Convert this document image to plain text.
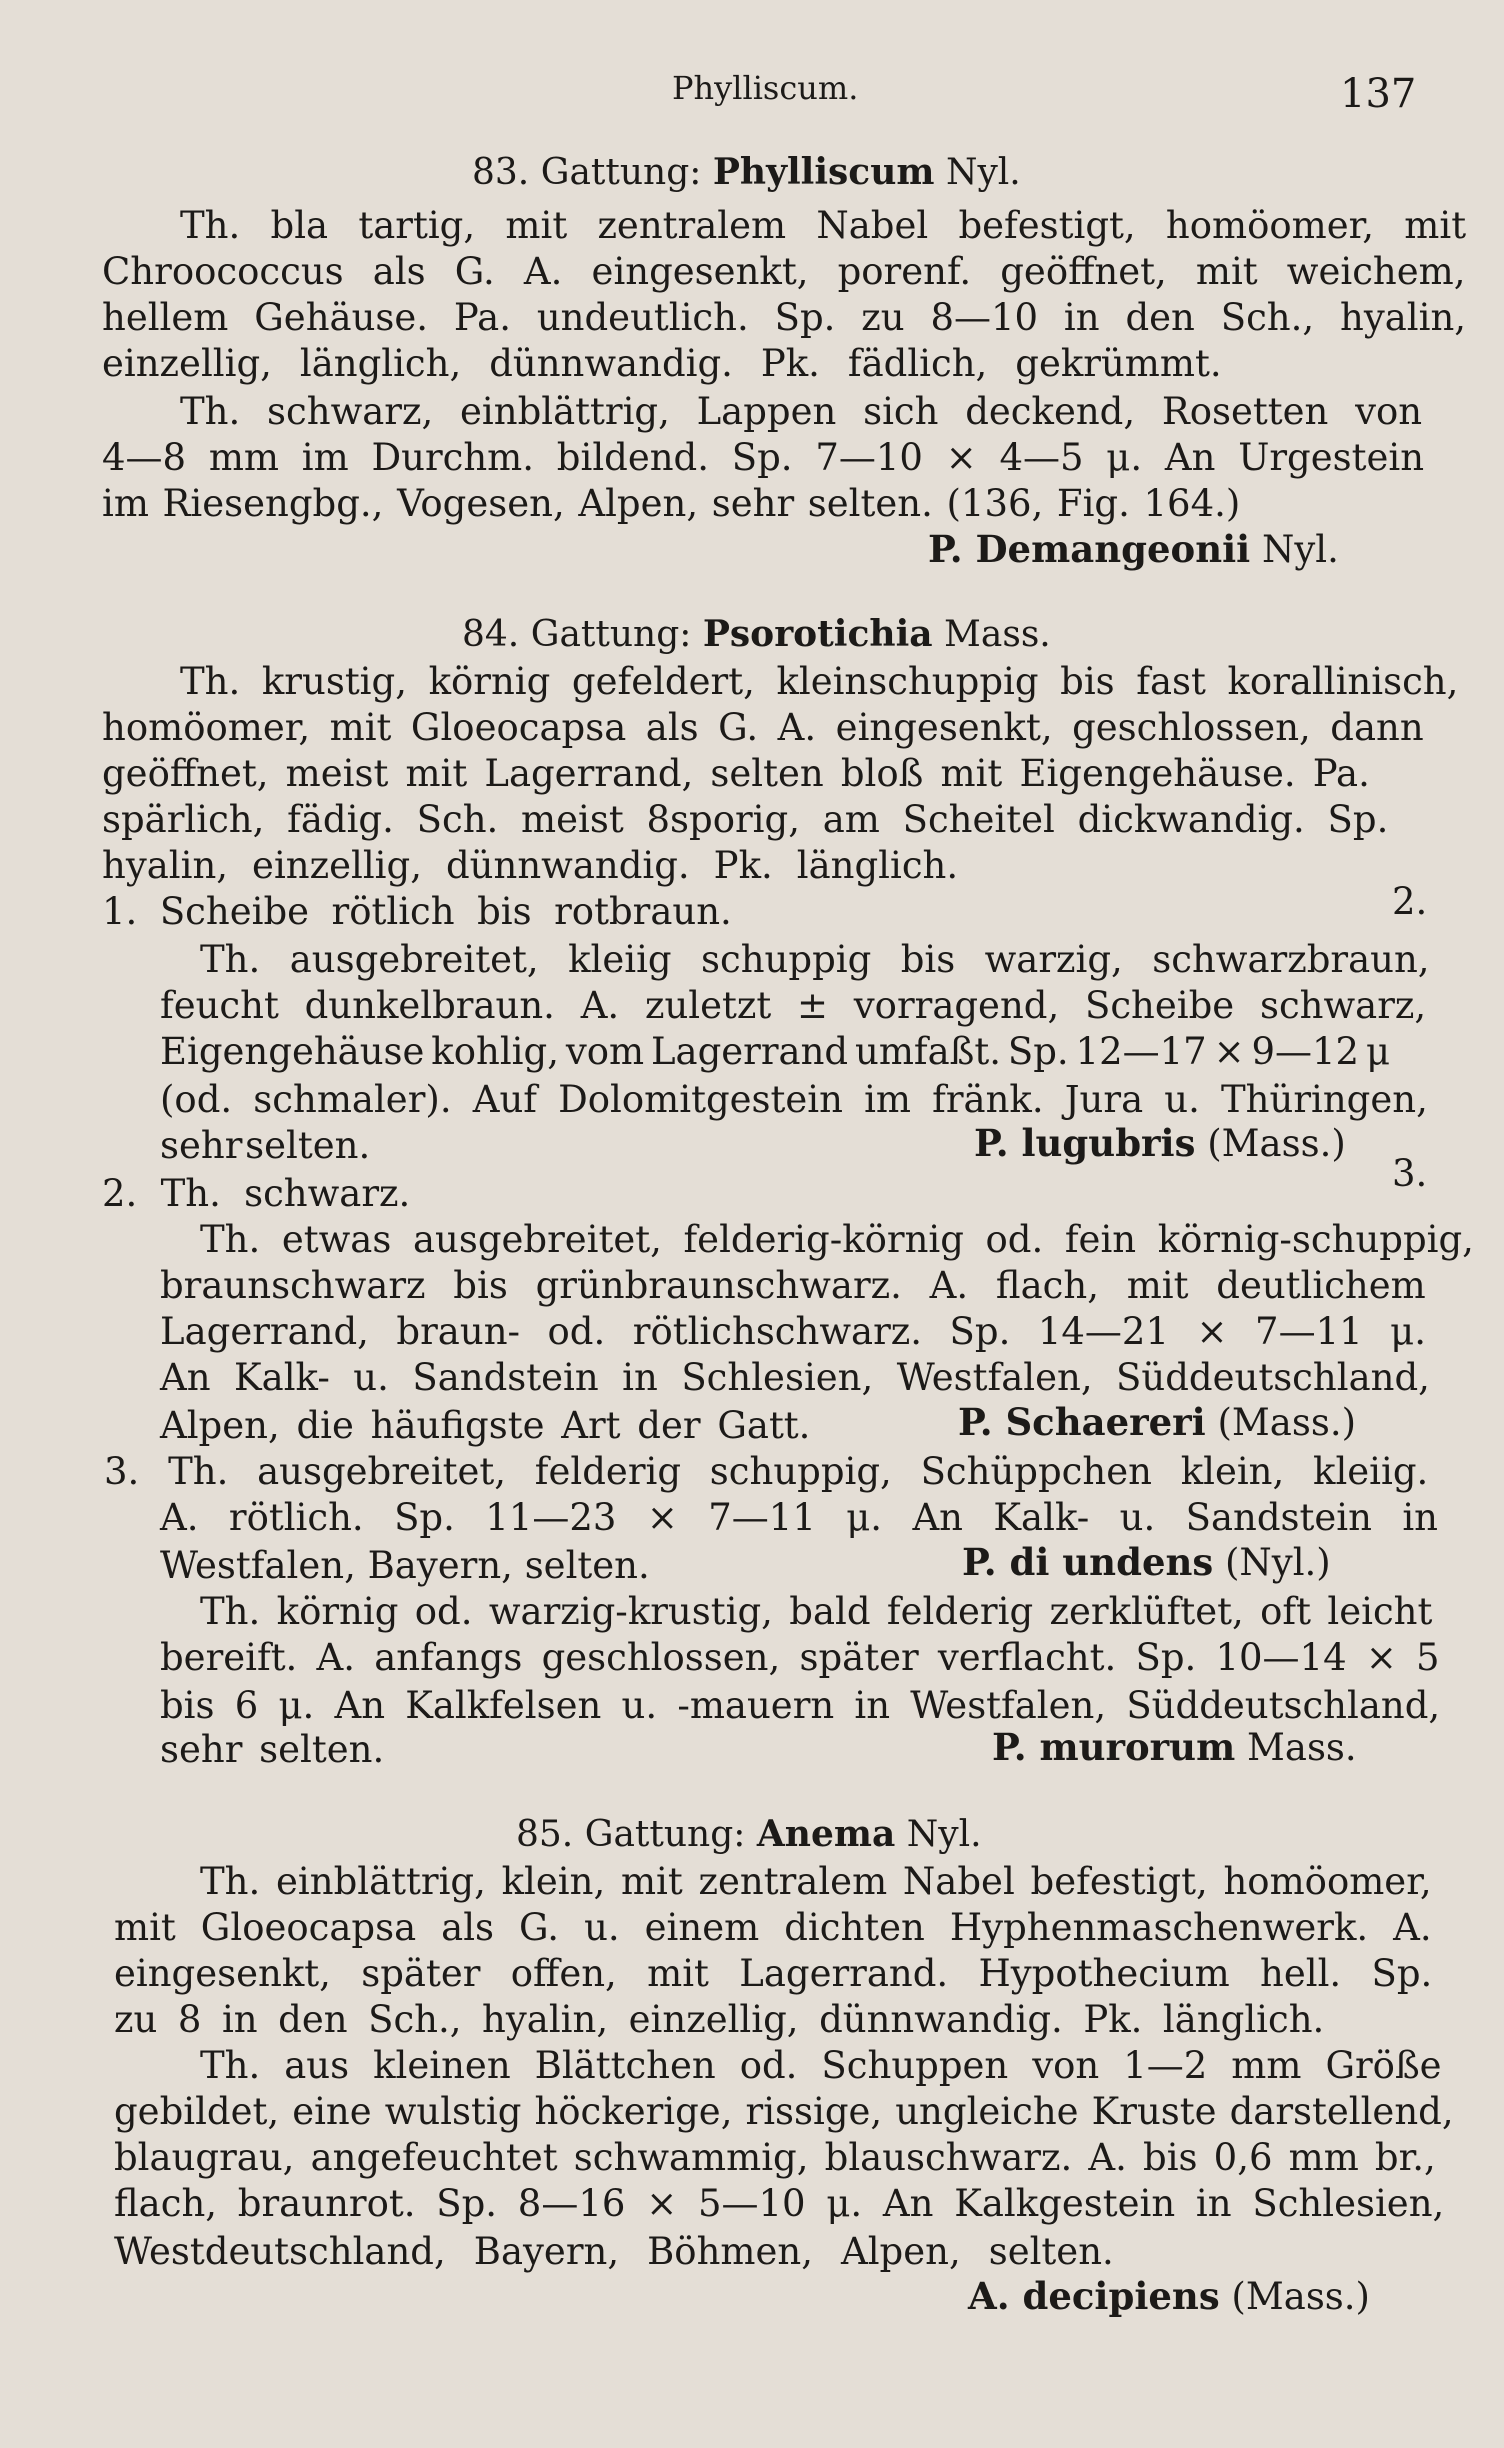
Phylliscum.	137
83. Gattung: Phylliscum Nyl.
Th. bla tartig, mit zentralem Nabel befestigt, homöomer, mit
Chroococcus als G. A. eingesenkt, porenf. geöffnet, mit weichem,
hellem Gehäuse. Pa. undeutlich. Sp. zu 8—10 in den Sch., hyalin,
einzellig, länglich, dünnwandig. Pk. fädlich, gekrümmt.
Th. schwarz, einblättrig, Lappen sich deckend, Rosetten von
4—8 mm im Durchm. bildend. Sp. 7—10 × 4—5 μ. An Urgestein
im Riesengbg., Vogesen, Alpen, sehr selten. (136, Fig. 164.)
P. Demangeonii Nyl.
84. Gattung: Psorotichia Mass.
Th. krustig, körnig gefeldert, kleinschuppig bis fast korallinisch,
homöomer, mit Gloeocapsa als G. A. eingesenkt, geschlossen, dann
geöffnet, meist mit Lagerrand, selten bloß mit Eigengehäuse. Pa.
spärlich, fädig. Sch. meist 8sporig, am Scheitel dickwandig. Sp.
hyalin, einzellig, dünnwandig. Pk. länglich.
1. Scheibe rötlich bis rotbraun.
Th. ausgebreitet, kleiig schuppig bis warzig, schwarzbraun,
feucht dunkelbraun. A. zuletzt ± vorragend, Scheibe schwarz,
Eigengehäuse kohlig, vom Lagerrand umfaßt. Sp. 12—17 × 9—12 μ
(od. schmaler). Auf Dolomitgestein im fränk. Jura u. Thüringen,
sehr selten.	P. lugubris (Mass.)
2. Th. schwarz.
Th. etwas ausgebreitet, felderig-körnig od. fein körnig-schuppig,
braunschwarz bis grünbraunschwarz. A. flach, mit deutlichem
Lagerrand, braun- od. rötlichschwarz. Sp. 14—21 × 7—11 μ.
An Kalk- u. Sandstein in Schlesien, Westfalen, Süddeutschland,
Alpen, die häufigste Art der Gatt.	P. Schaereri (Mass.)
3. Th. ausgebreitet, felderig schuppig, Schüppchen klein, kleiig.
A. rötlich. Sp. 11—23 × 7—11 μ. An Kalk- u. Sandstein in
Westfalen, Bayern, selten.	P. di undens (Nyl.)
Th. körnig od. warzig-krustig, bald felderig zerklüftet, oft leicht
bereift. A. anfangs geschlossen, später verflacht. Sp. 10—14 × 5
bis 6 μ. An Kalkfelsen u. -mauern in Westfalen, Süddeutschland,
sehr selten.	P. murorum Mass.
85. Gattung: Anema Nyl.
Th. einblättrig, klein, mit zentralem Nabel befestigt, homöomer,
mit Gloeocapsa als G. u. einem dichten Hyphenmaschenwerk. A.
eingesenkt, später offen, mit Lagerrand. Hypothecium hell. Sp.
zu 8 in den Sch., hyalin, einzellig, dünnwandig. Pk. länglich.
Th. aus kleinen Blättchen od. Schuppen von 1—2 mm Größe
gebildet, eine wulstig höckerige, rissige, ungleiche Kruste darstellend,
blaugrau, angefeuchtet schwammig, blauschwarz. A. bis 0,6 mm br.,
flach, braunrot. Sp. 8—16 × 5—10 μ. An Kalkgestein in Schlesien,
Westdeutschland, Bayern, Böhmen, Alpen, selten.
A. decipiens (Mass.)
2.
3.
